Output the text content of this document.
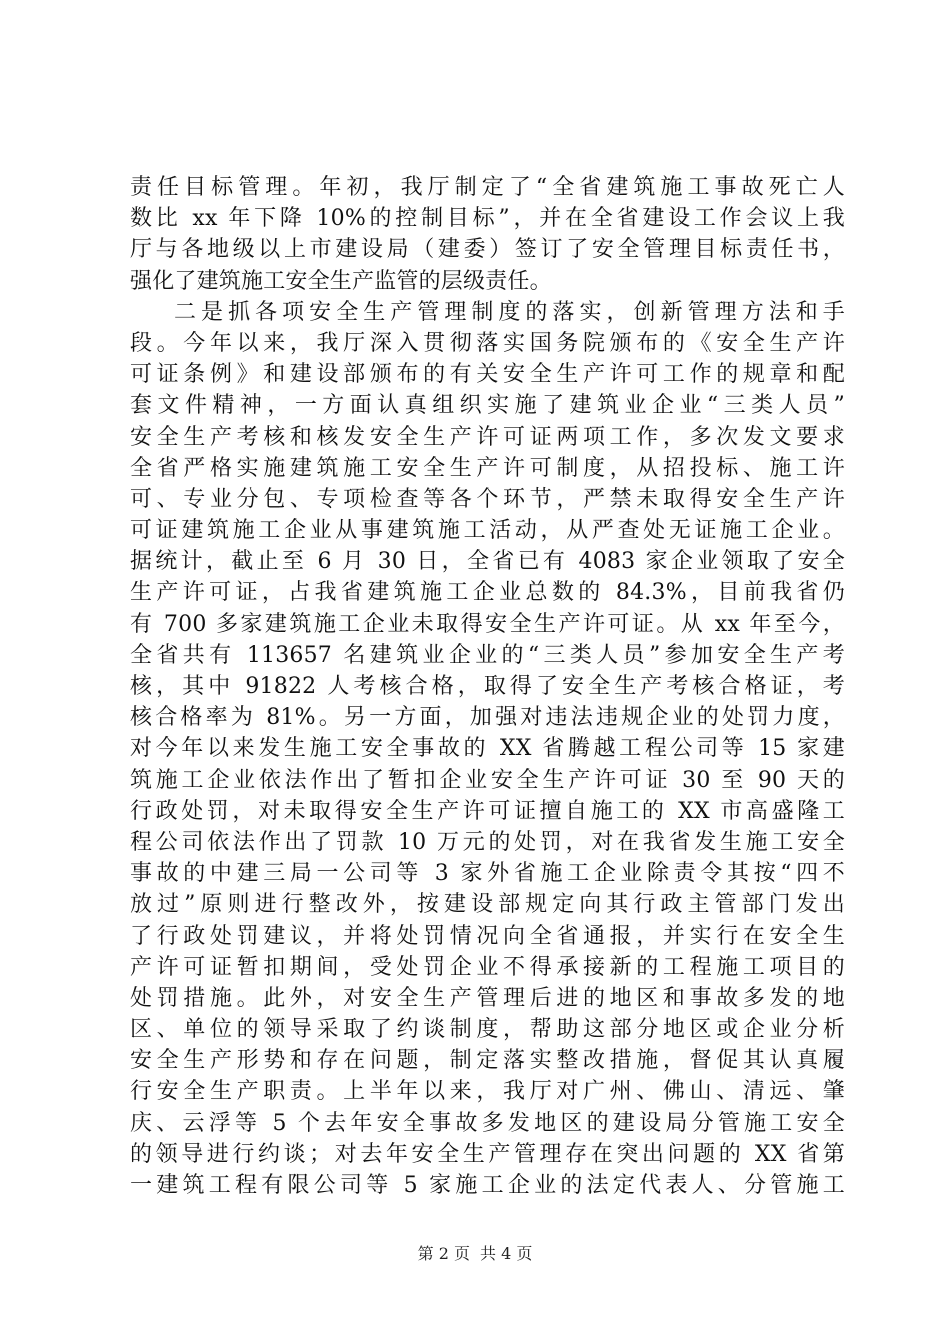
责任目标管理。年初，我厅制定了“全省建筑施工事故死亡人
数比 xx 年下降 10%的控制目标”，并在全省建设工作会议上我
厅与各地级以上市建设局（建委）签订了安全管理目标责任书，
强化了建筑施工安全生产监管的层级责任。
二是抓各项安全生产管理制度的落实，创新管理方法和手
段。今年以来，我厅深入贯彻落实国务院颁布的《安全生产许
可证条例》和建设部颁布的有关安全生产许可工作的规章和配
套文件精神，一方面认真组织实施了建筑业企业“三类人员”
安全生产考核和核发安全生产许可证两项工作，多次发文要求
全省严格实施建筑施工安全生产许可制度，从招投标、施工许
可、专业分包、专项检查等各个环节，严禁未取得安全生产许
可证建筑施工企业从事建筑施工活动，从严查处无证施工企业。
据统计，截止至 6 月 30 日，全省已有 4083 家企业领取了安全
生产许可证，占我省建筑施工企业总数的 84.3%，目前我省仍
有 700 多家建筑施工企业未取得安全生产许可证。从 xx 年至今，
全省共有 113657 名建筑业企业的“三类人员”参加安全生产考
核，其中 91822 人考核合格，取得了安全生产考核合格证，考
核合格率为 81%。另一方面，加强对违法违规企业的处罚力度，
对今年以来发生施工安全事故的 XX 省腾越工程公司等 15 家建
筑施工企业依法作出了暂扣企业安全生产许可证 30 至 90 天的
行政处罚，对未取得安全生产许可证擅自施工的 XX 市高盛隆工
程公司依法作出了罚款 10 万元的处罚，对在我省发生施工安全
事故的中建三局一公司等 3 家外省施工企业除责令其按“四不
放过”原则进行整改外，按建设部规定向其行政主管部门发出
了行政处罚建议，并将处罚情况向全省通报，并实行在安全生
产许可证暂扣期间，受处罚企业不得承接新的工程施工项目的
处罚措施。此外，对安全生产管理后进的地区和事故多发的地
区、单位的领导采取了约谈制度，帮助这部分地区或企业分析
安全生产形势和存在问题，制定落实整改措施，督促其认真履
行安全生产职责。上半年以来，我厅对广州、佛山、清远、肇
庆、云浮等 5 个去年安全事故多发地区的建设局分管施工安全
的领导进行约谈；对去年安全生产管理存在突出问题的 XX 省第
一建筑工程有限公司等 5 家施工企业的法定代表人、分管施工
第 2 页 共 4 页
